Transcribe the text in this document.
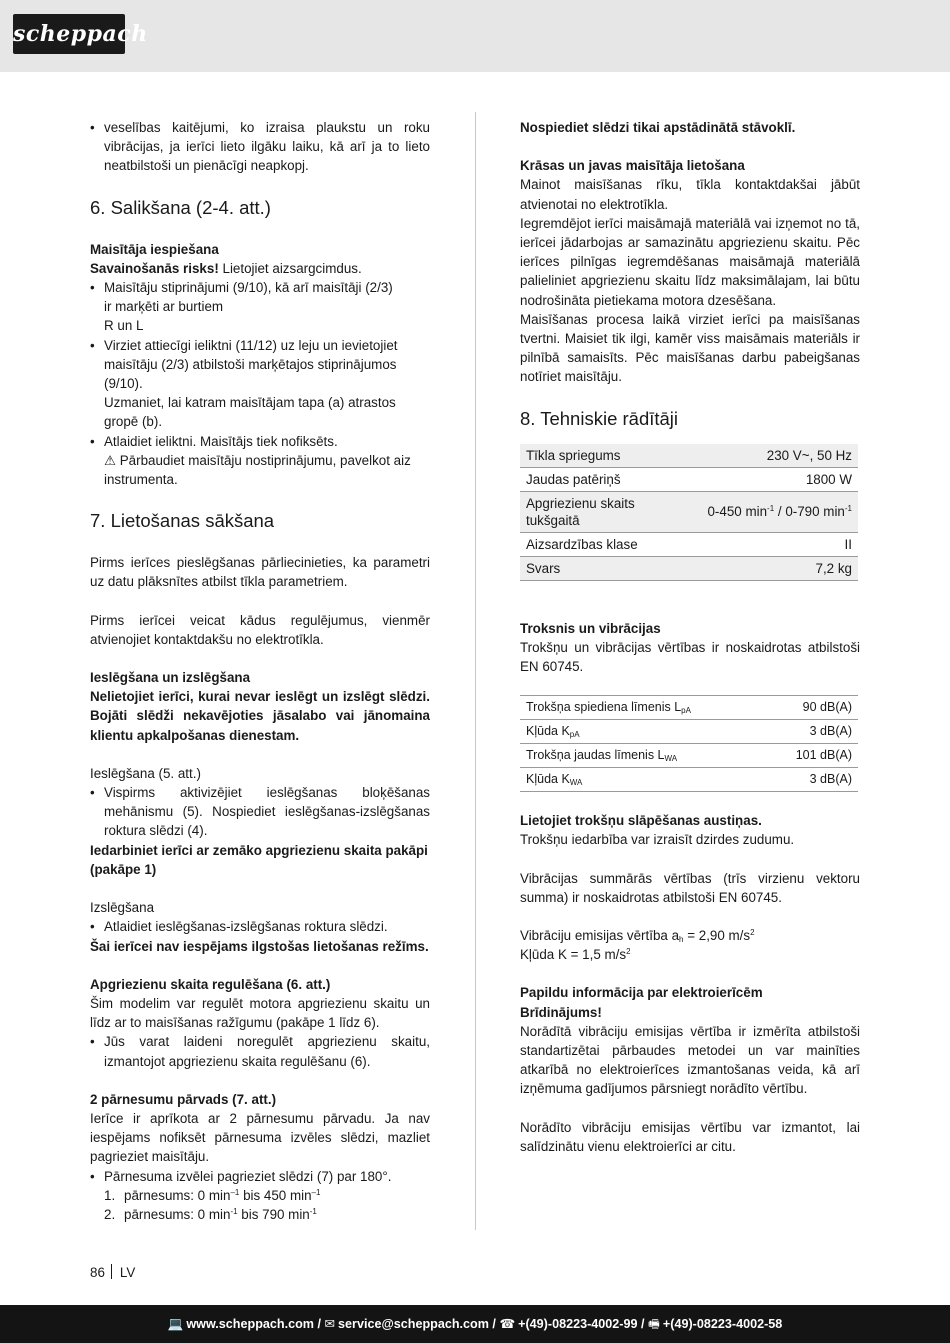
scheppach

• veselības kaitējumi, ko izraisa plaukstu un roku vibrācijas, ja ierīci lieto ilgāku laiku, kā arī ja to lieto neatbilstoši un pienācīgi neapkopj.

6. Salikšana (2-4. att.)

Maisītāja iespiešana

Savainošanās risks! Lietojiet aizsargcimdus.

• Maisītāju stiprinājumi (9/10), kā arī maisītāji (2/3)

ir marķēti ar burtiem

R un L

• Virziet attiecīgi ieliktni (11/12) uz leju un ievietojiet maisītāju (2/3) atbilstoši marķētajos stiprinājumos (9/10).

Uzmaniet, lai katram maisītājam tapa (a) atrastos gropē (b).

• Atlaidiet ieliktni. Maisītājs tiek nofiksēts.

⚠ Pārbaudiet maisītāju nostiprinājumu, pavelkot aiz instrumenta.

7. Lietošanas sākšana

Pirms ierīces pieslēgšanas pārliecinieties, ka parametri uz datu plāksnītes atbilst tīkla parametriem.

Pirms ierīcei veicat kādus regulējumus, vienmēr atvienojiet kontaktdakšu no elektrotīkla.

Ieslēgšana un izslēgšana

Nelietojiet ierīci, kurai nevar ieslēgt un izslēgt slēdzi. Bojāti slēdži nekavējoties jāsalabo vai jānomaina klientu apkalpošanas dienestam.

Ieslēgšana (5. att.)

• Vispirms aktivizējiet ieslēgšanas bloķēšanas mehānismu (5). Nospiediet ieslēgšanas-izslēgšanas roktura slēdzi (4).

Iedarbiniet ierīci ar zemāko apgriezienu skaita pakāpi (pakāpe 1)

Izslēgšana

• Atlaidiet ieslēgšanas-izslēgšanas roktura slēdzi.

Šai ierīcei nav iespējams ilgstošas lietošanas režīms.

Apgriezienu skaita regulēšana (6. att.)

Šim modelim var regulēt motora apgriezienu skaitu un līdz ar to maisīšanas ražīgumu (pakāpe 1 līdz 6).

• Jūs varat laideni noregulēt apgriezienu skaitu, izmantojot apgriezienu skaita regulēšanu (6).

2 pārnesumu pārvads (7. att.)

Ierīce ir aprīkota ar 2 pārnesumu pārvadu. Ja nav iespējams nofiksēt pārnesuma izvēles slēdzi, mazliet pagrieziet maisītāju.

• Pārnesuma izvēlei pagrieziet slēdzi (7) par 180°.

1. pārnesums: 0 $\min^{-1}$ bis 450 $\min^{-1}$

2. pārnesums: 0 $\min^{-1}$ bis 790 $\min^{-1}$

Nospiediet slēdzi tikai apstādinātā stāvoklī.

Krāsas un javas maisītāja lietošana

Mainot maisīšanas rīku, tīkla kontaktdakšai jābūt atvienotai no elektrotīkla.

Iegremdējot ierīci maisāmajā materiālā vai izņemot no tā, ierīcei jādarbojas ar samazinātu apgriezienu skaitu. Pēc ierīces pilnīgas iegremdēšanas maisāmajā materiālā palieliniet apgriezienu skaitu līdz maksimālajam, lai būtu nodrošināta pietiekama motora dzesēšana.

Maisīšanas procesa laikā virziet ierīci pa maisīšanas tvertni. Maisiet tik ilgi, kamēr viss maisāmais materiāls ir pilnībā samaisīts. Pēc maisīšanas darbu pabeigšanas notīriet maisītāju.

8. Tehniskie rādītāji
Tīkla spriegums	230 V~, 50 Hz
Jaudas patēriņš	1800 W
Apgriezienu skaits tukšgaitā	0-450 $\min^{-1} / 0-790$ $\min^{-1}$
Aizsardzības klase	II
Svars	7,2 kg

Troksnis un vibrācijas

Trokšņu un vibrācijas vērtības ir noskaidrotas atbilstoši EN 60745.

Trokšņa spiediena līmenis $L_{pA}$	90 dB(A)
Kļūda $K_{pA}$	3 dB(A)
Trokšņa jaudas līmenis $L_{WA}$	101 dB(A)
Kļūda $K_{WA}$	3 dB(A)

Lietojiet trokšņu slāpēšanas austiņas.

Trokšņu iedarbība var izraisīt dzirdes zudumu.

Vibrācijas summārās vērtības (trīs virzienu vektoru summa) ir noskaidrotas atbilstoši EN 60745.

Vibrāciju emisijas vērtība $a_h = 2,90$ $m/s^2$

Kļūda K = 1,5 $m/s^2$

Papildu informācija par elektroierīcēm

Brīdinājums!

Norādītā vibrāciju emisijas vērtība ir izmērīta atbilstoši standartizētai pārbaudes metodei un var mainīties atkarībā no elektroierīces izmantošanas veida, kā arī izņēmuma gadījumos pārsniegt norādīto vērtību.

Norādīto vibrāciju emisijas vērtību var izmantot, lai salīdzinātu vienu elektroierīci ar citu.

86 LV
💻 www.scheppach.com / ✉ service@scheppach.com / ☎ +(49)-08223-4002-99 / 🖷 +(49)-08223-4002-58
